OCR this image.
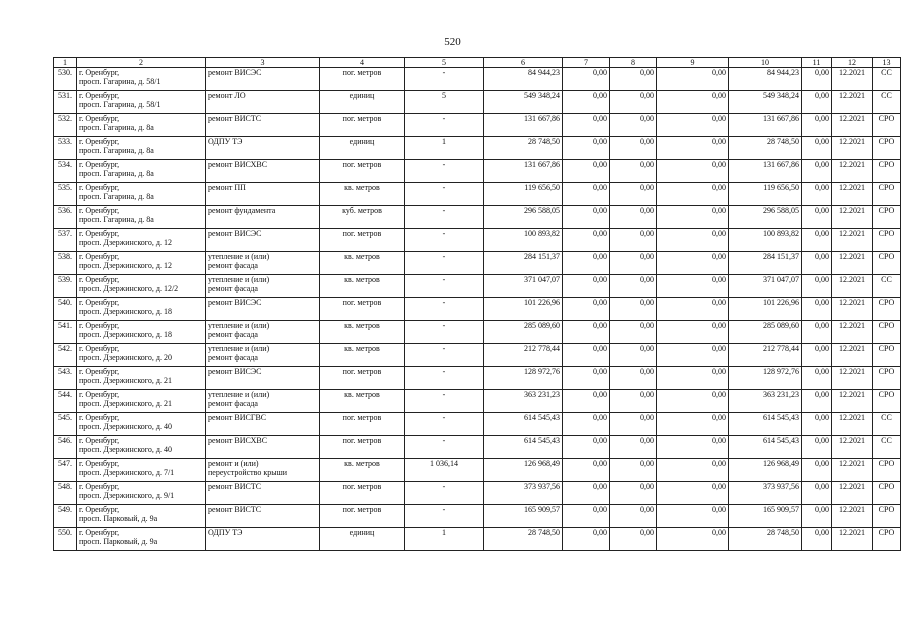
520
1	2	3	4	5	6	7	8	9	10	11	12	13
530.	г. Оренбург,
просп. Гагарина, д. 58/1	ремонт ВИСЭС	пог. метров	-	84 944,23	0,00	0,00	0,00	84 944,23	0,00	12.2021	СС
531.	г. Оренбург,
просп. Гагарина, д. 58/1	ремонт ЛО	единиц	5	549 348,24	0,00	0,00	0,00	549 348,24	0,00	12.2021	СС
532.	г. Оренбург,
просп. Гагарина, д. 8а	ремонт ВИСТС	пог. метров	-	131 667,86	0,00	0,00	0,00	131 667,86	0,00	12.2021	СРО
533.	г. Оренбург,
просп. Гагарина, д. 8а	ОДПУ ТЭ	единиц	1	28 748,50	0,00	0,00	0,00	28 748,50	0,00	12.2021	СРО
534.	г. Оренбург,
просп. Гагарина, д. 8а	ремонт ВИСХВС	пог. метров	-	131 667,86	0,00	0,00	0,00	131 667,86	0,00	12.2021	СРО
535.	г. Оренбург,
просп. Гагарина, д. 8а	ремонт ПП	кв. метров	-	119 656,50	0,00	0,00	0,00	119 656,50	0,00	12.2021	СРО
536.	г. Оренбург,
просп. Гагарина, д. 8а	ремонт фундамента	куб. метров	-	296 588,05	0,00	0,00	0,00	296 588,05	0,00	12.2021	СРО
537.	г. Оренбург,
просп. Дзержинского, д. 12	ремонт ВИСЭС	пог. метров	-	100 893,82	0,00	0,00	0,00	100 893,82	0,00	12.2021	СРО
538.	г. Оренбург,
просп. Дзержинского, д. 12	утепление и (или)
ремонт фасада	кв. метров	-	284 151,37	0,00	0,00	0,00	284 151,37	0,00	12.2021	СРО
539.	г. Оренбург,
просп. Дзержинского, д. 12/2	утепление и (или)
ремонт фасада	кв. метров	-	371 047,07	0,00	0,00	0,00	371 047,07	0,00	12.2021	СС
540.	г. Оренбург,
просп. Дзержинского, д. 18	ремонт ВИСЭС	пог. метров	-	101 226,96	0,00	0,00	0,00	101 226,96	0,00	12.2021	СРО
541.	г. Оренбург,
просп. Дзержинского, д. 18	утепление и (или)
ремонт фасада	кв. метров	-	285 089,60	0,00	0,00	0,00	285 089,60	0,00	12.2021	СРО
542.	г. Оренбург,
просп. Дзержинского, д. 20	утепление и (или)
ремонт фасада	кв. метров	-	212 778,44	0,00	0,00	0,00	212 778,44	0,00	12.2021	СРО
543.	г. Оренбург,
просп. Дзержинского, д. 21	ремонт ВИСЭС	пог. метров	-	128 972,76	0,00	0,00	0,00	128 972,76	0,00	12.2021	СРО
544.	г. Оренбург,
просп. Дзержинского, д. 21	утепление и (или)
ремонт фасада	кв. метров	-	363 231,23	0,00	0,00	0,00	363 231,23	0,00	12.2021	СРО
545.	г. Оренбург,
просп. Дзержинского, д. 40	ремонт ВИСГВС	пог. метров	-	614 545,43	0,00	0,00	0,00	614 545,43	0,00	12.2021	СС
546.	г. Оренбург,
просп. Дзержинского, д. 40	ремонт ВИСХВС	пог. метров	-	614 545,43	0,00	0,00	0,00	614 545,43	0,00	12.2021	СС
547.	г. Оренбург,
просп. Дзержинского, д. 7/1	ремонт и (или)
переустройство крыши	кв. метров	1 036,14	126 968,49	0,00	0,00	0,00	126 968,49	0,00	12.2021	СРО
548.	г. Оренбург,
просп. Дзержинского, д. 9/1	ремонт ВИСТС	пог. метров	-	373 937,56	0,00	0,00	0,00	373 937,56	0,00	12.2021	СРО
549.	г. Оренбург,
просп. Парковый, д. 9а	ремонт ВИСТС	пог. метров	-	165 909,57	0,00	0,00	0,00	165 909,57	0,00	12.2021	СРО
550.	г. Оренбург,
просп. Парковый, д. 9а	ОДПУ ТЭ	единиц	1	28 748,50	0,00	0,00	0,00	28 748,50	0,00	12.2021	СРО
